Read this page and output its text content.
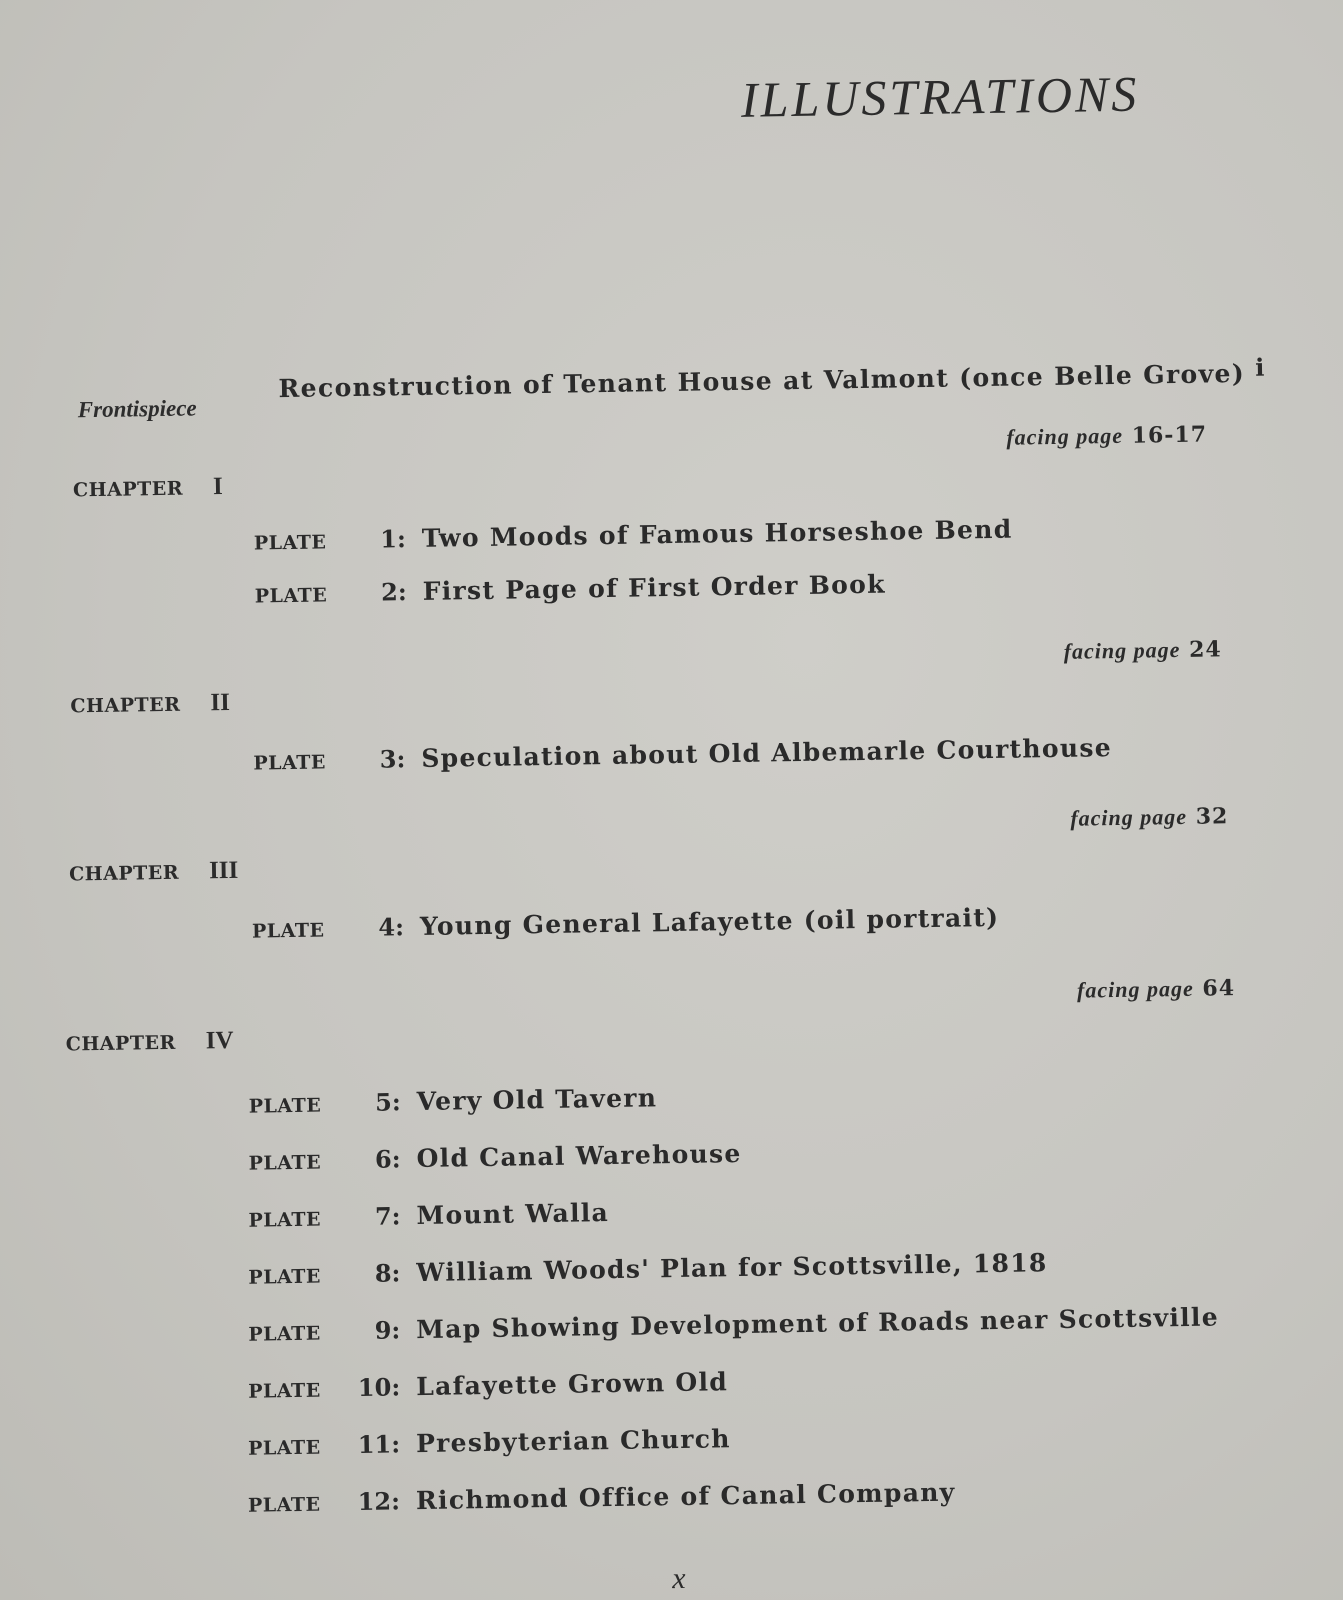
ILLUSTRATIONS
Frontispiece
Reconstruction of Tenant House at Valmont (once Belle Grove) i
facing page 16-17
CHAPTER I
PLATE 1: Two Moods of Famous Horseshoe Bend
PLATE 2: First Page of First Order Book
facing page 24
CHAPTER II
PLATE 3: Speculation about Old Albemarle Courthouse
facing page 32
CHAPTER III
PLATE 4: Young General Lafayette (oil portrait)
facing page 64
CHAPTER IV
PLATE 5: Very Old Tavern
PLATE 6: Old Canal Warehouse
PLATE 7: Mount Walla
PLATE 8: William Woods' Plan for Scottsville, 1818
PLATE 9: Map Showing Development of Roads near Scottsville
PLATE 10: Lafayette Grown Old
PLATE 11: Presbyterian Church
PLATE 12: Richmond Office of Canal Company
x
